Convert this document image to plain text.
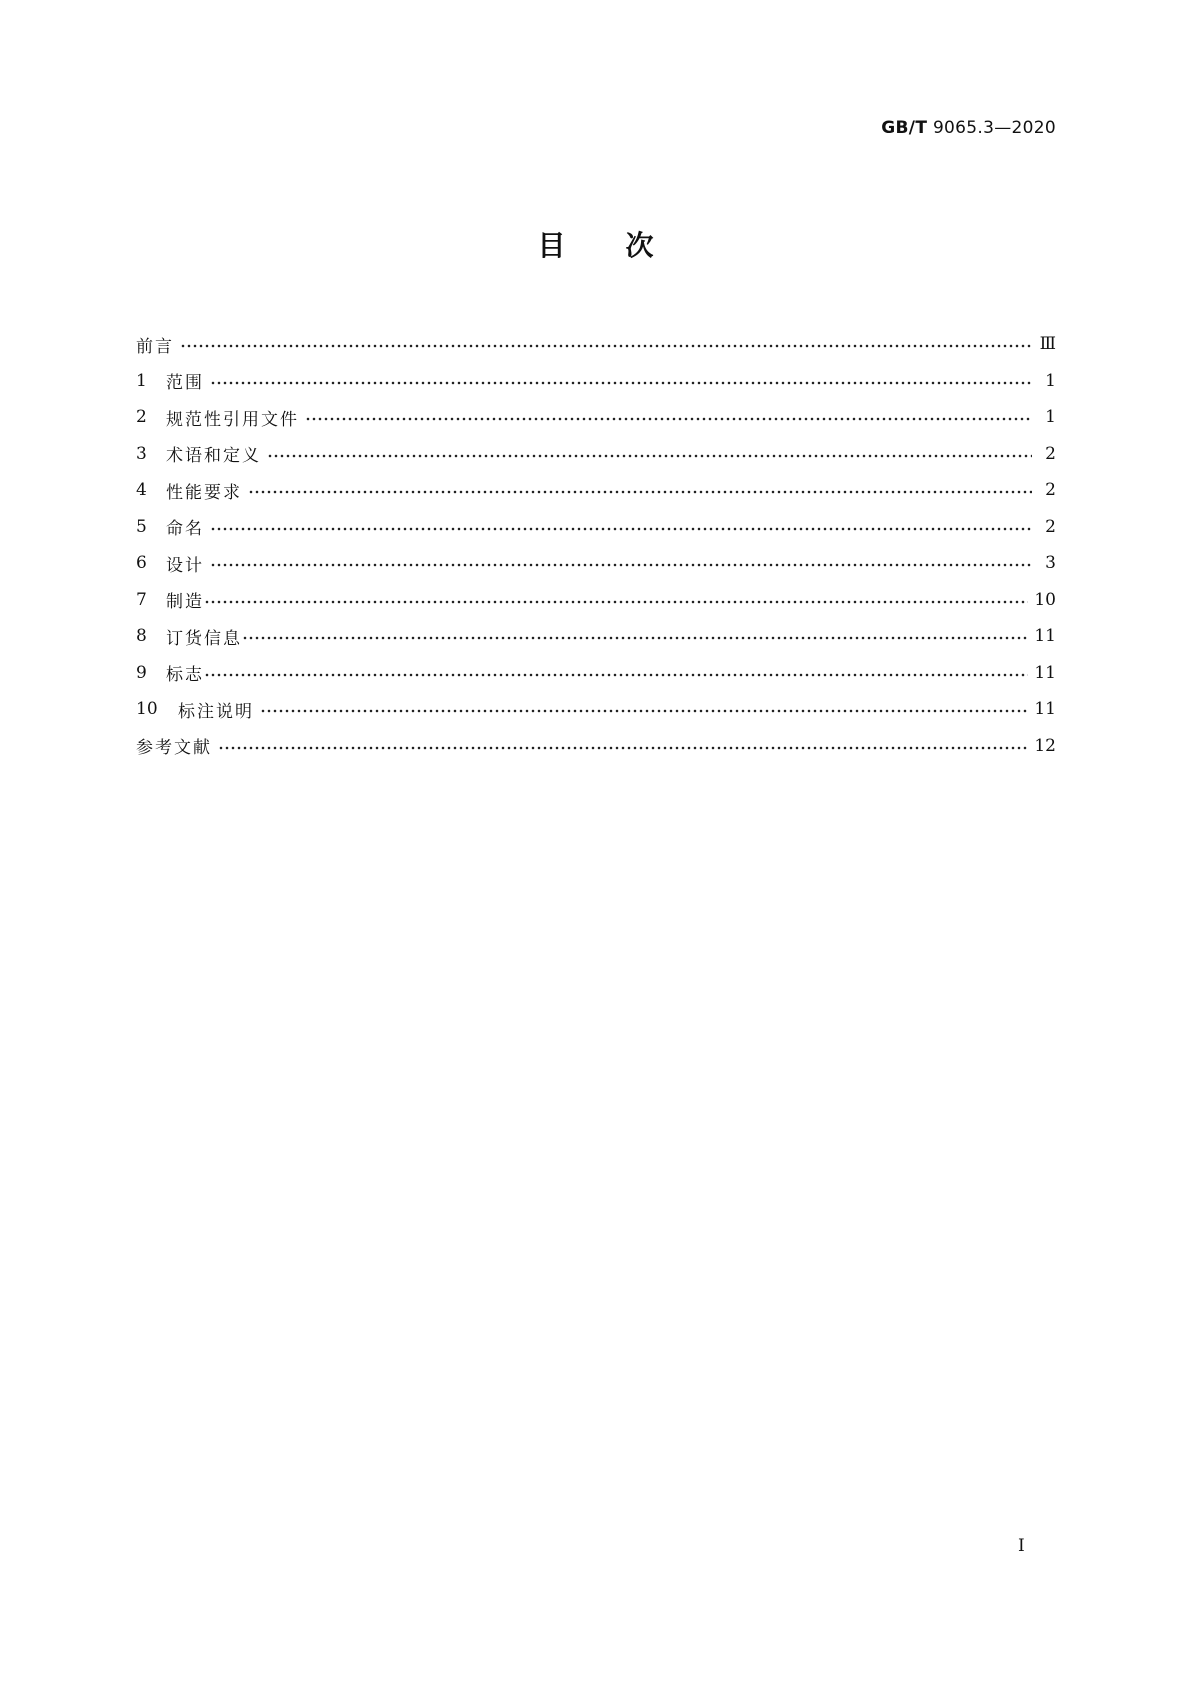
GB/T 9065.3—2020
目次
前言	Ⅲ
1	范围	1
2	规范性引用文件	1
3	术语和定义	2
4	性能要求	2
5	命名	2
6	设计	3
7	制造	10
8	订货信息	11
9	标志	11
10	标注说明	11
参考文献	12
I
